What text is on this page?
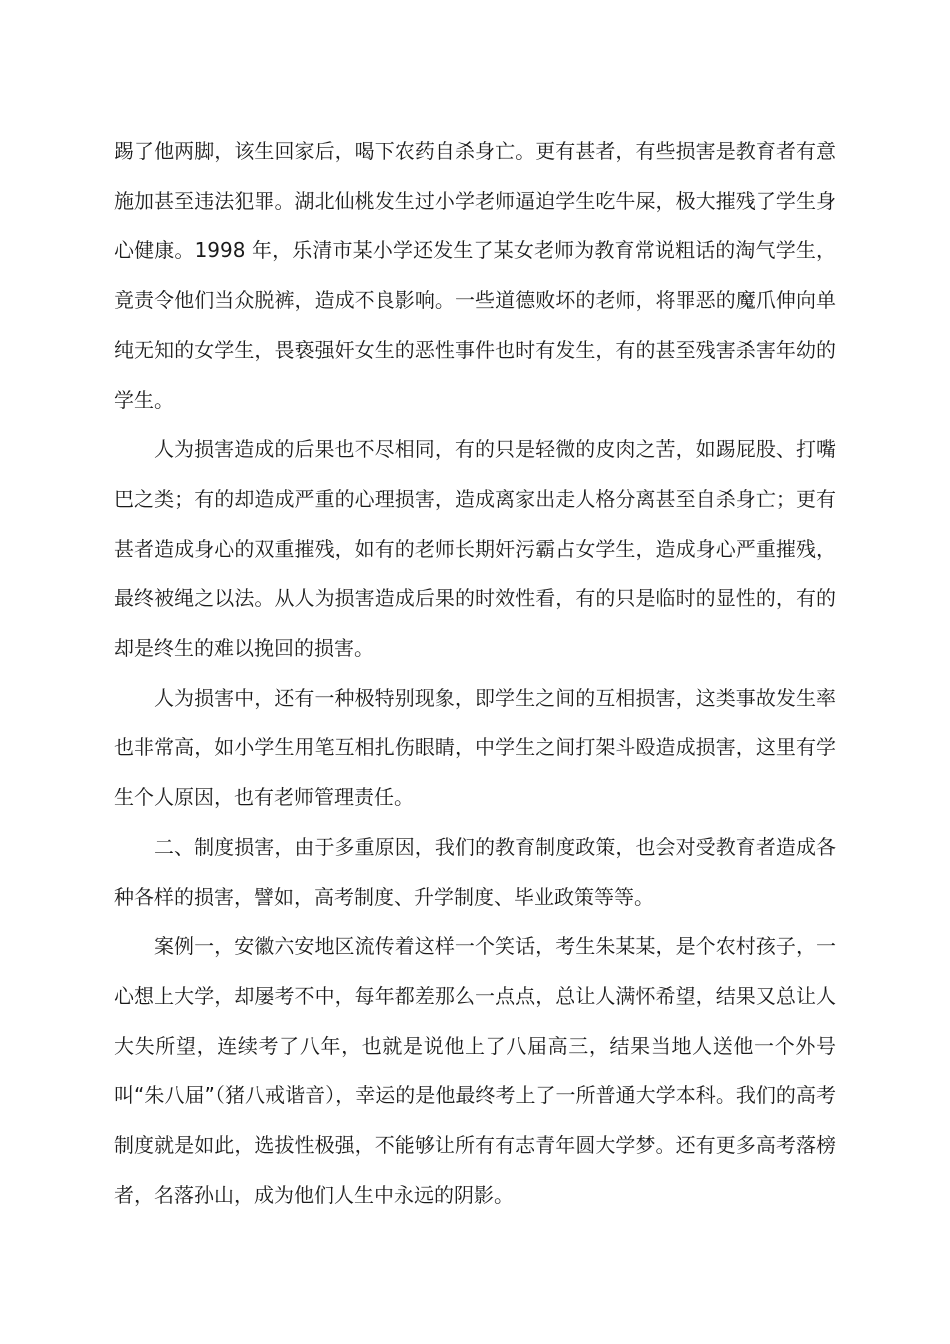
踢了他两脚，该生回家后，喝下农药自杀身亡。更有甚者，有些损害是教育者有意施加甚至违法犯罪。湖北仙桃发生过小学老师逼迫学生吃牛屎，极大摧残了学生身心健康。1998 年，乐清市某小学还发生了某女老师为教育常说粗话的淘气学生，竟责令他们当众脱裤，造成不良影响。一些道德败坏的老师，将罪恶的魔爪伸向单纯无知的女学生，畏亵强奸女生的恶性事件也时有发生，有的甚至残害杀害年幼的学生。

人为损害造成的后果也不尽相同，有的只是轻微的皮肉之苦，如踢屁股、打嘴巴之类；有的却造成严重的心理损害，造成离家出走人格分离甚至自杀身亡；更有甚者造成身心的双重摧残，如有的老师长期奸污霸占女学生，造成身心严重摧残，最终被绳之以法。从人为损害造成后果的时效性看，有的只是临时的显性的，有的却是终生的难以挽回的损害。

人为损害中，还有一种极特别现象，即学生之间的互相损害，这类事故发生率也非常高，如小学生用笔互相扎伤眼睛，中学生之间打架斗殴造成损害，这里有学生个人原因，也有老师管理责任。

二、制度损害，由于多重原因，我们的教育制度政策，也会对受教育者造成各种各样的损害，譬如，高考制度、升学制度、毕业政策等等。

案例一，安徽六安地区流传着这样一个笑话，考生朱某某，是个农村孩子，一心想上大学，却屡考不中，每年都差那么一点点，总让人满怀希望，结果又总让人大失所望，连续考了八年，也就是说他上了八届高三，结果当地人送他一个外号叫“朱八届”（猪八戒谐音），幸运的是他最终考上了一所普通大学本科。我们的高考制度就是如此，选拔性极强，不能够让所有有志青年圆大学梦。还有更多高考落榜者，名落孙山，成为他们人生中永远的阴影。
